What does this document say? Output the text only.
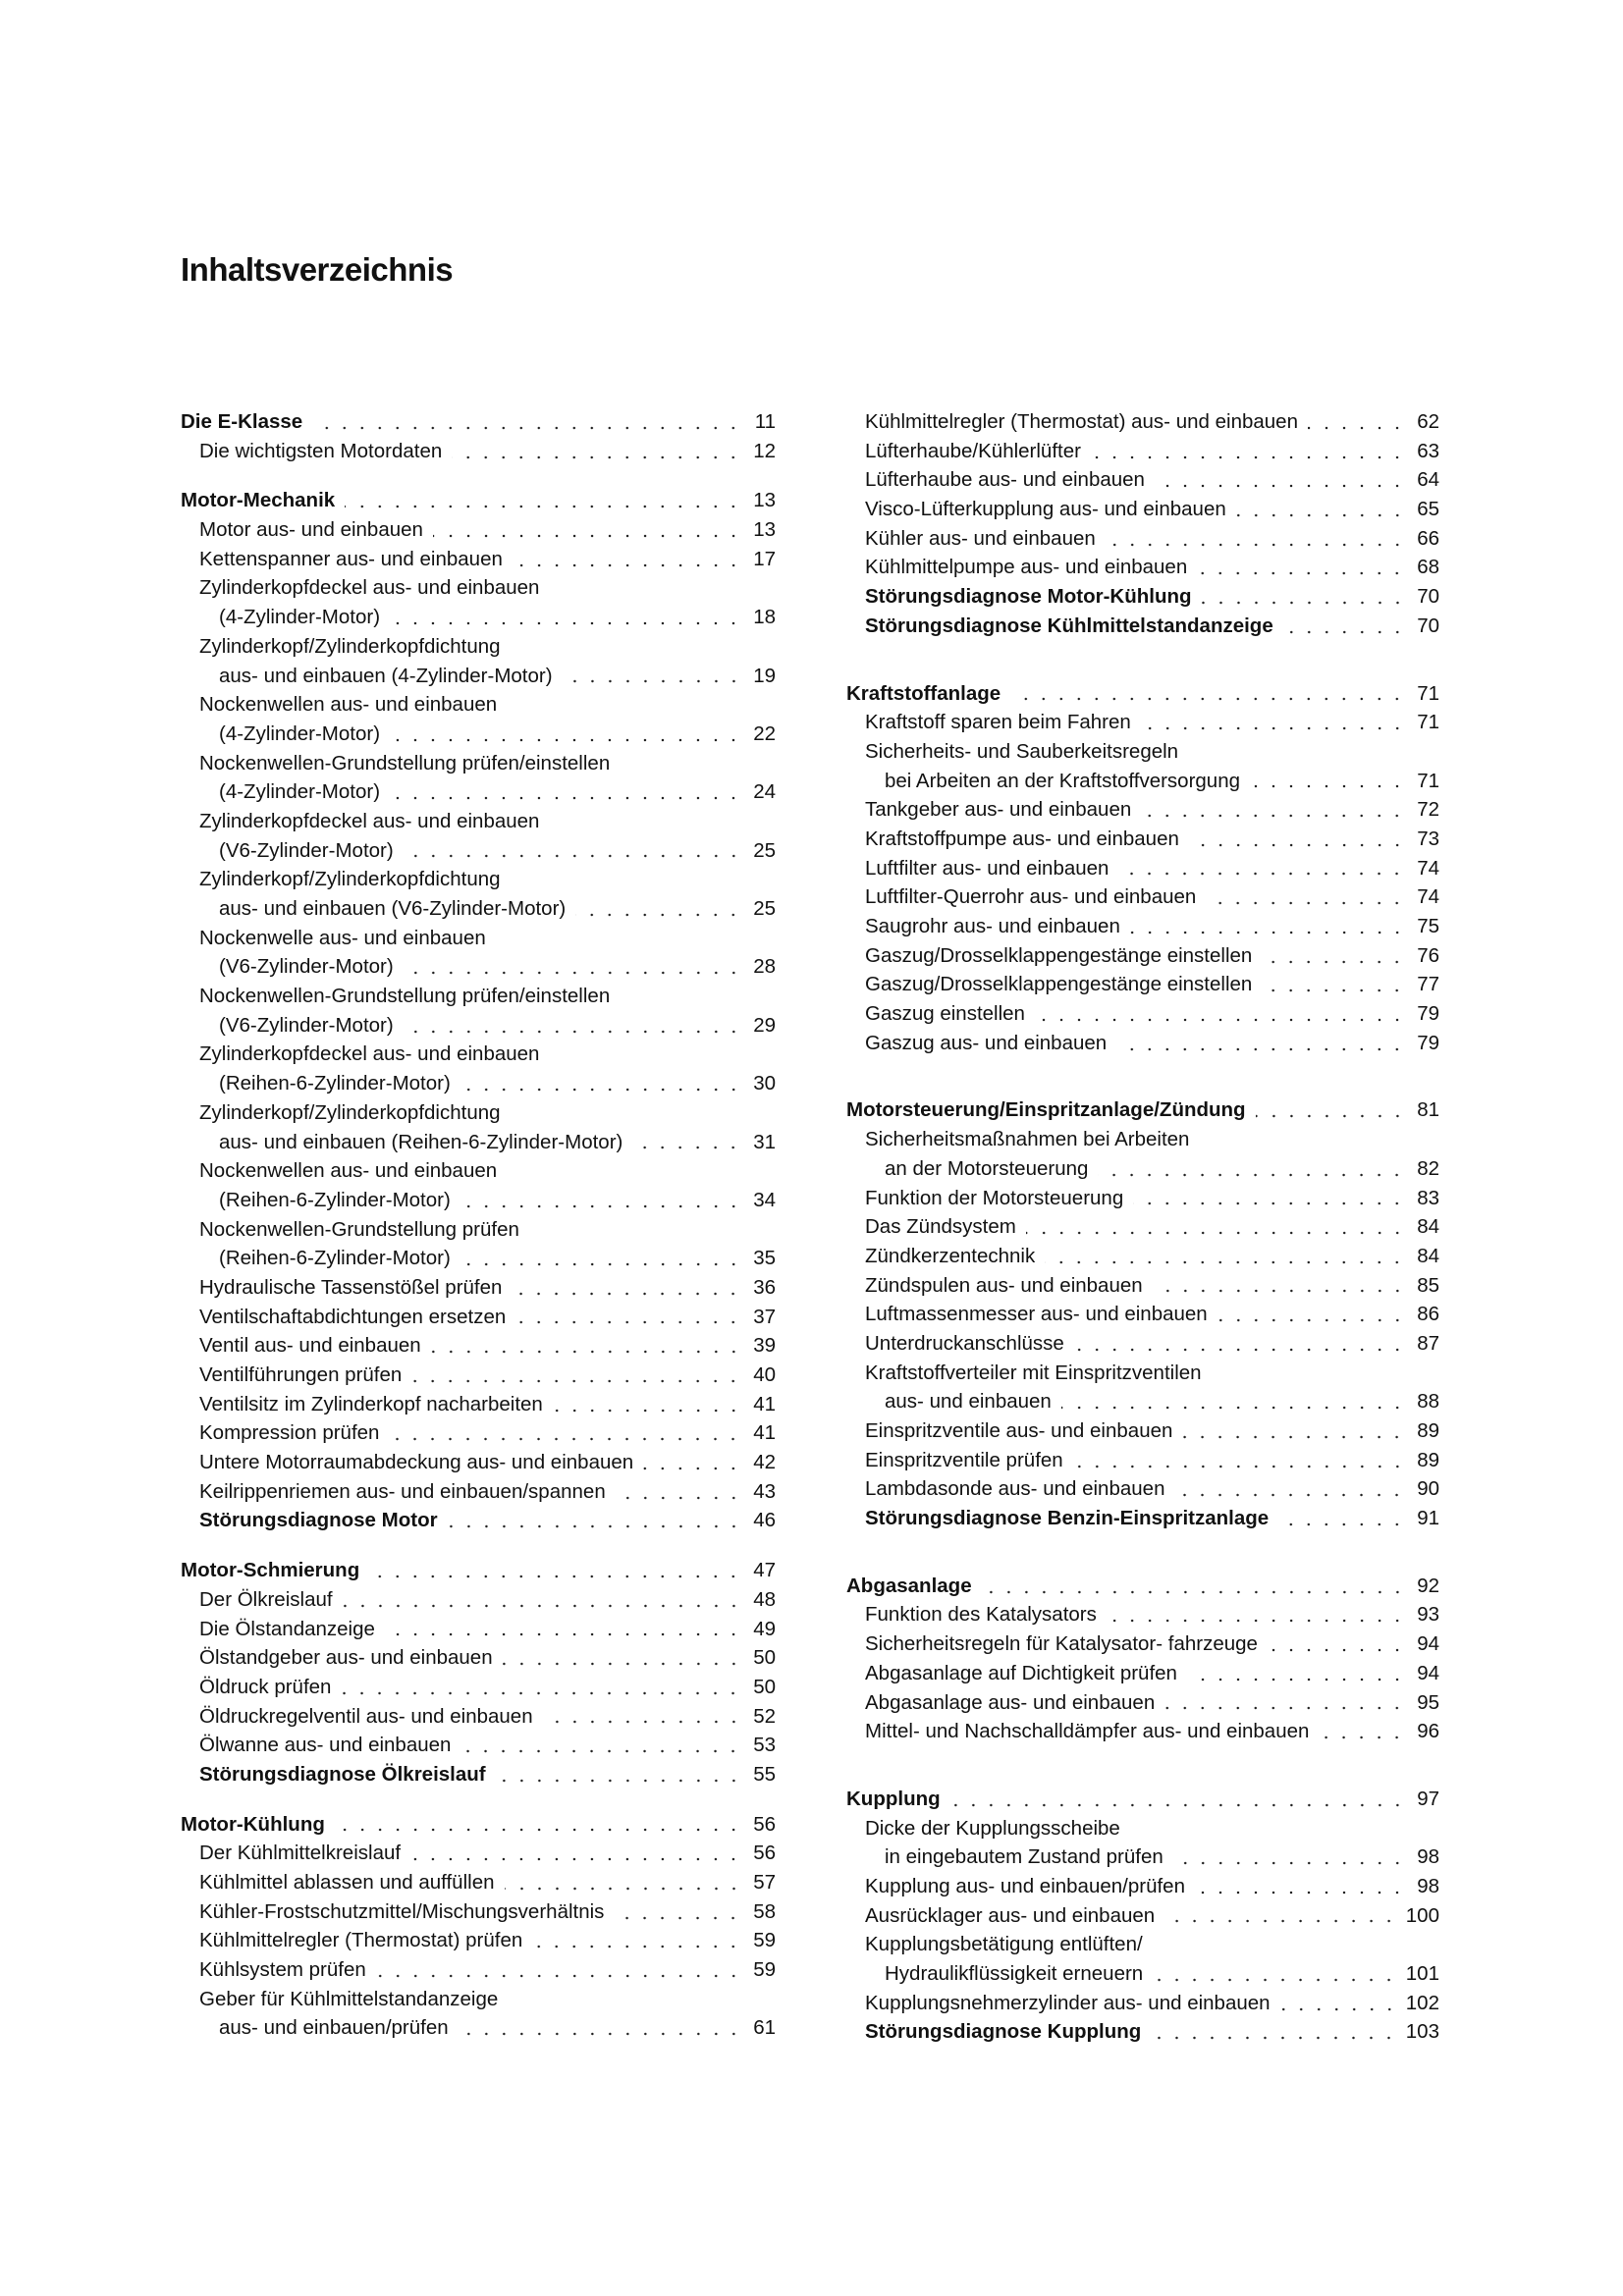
Inhaltsverzeichnis
Die E-Klasse	11
Die wichtigsten Motordaten	12
Motor-Mechanik	13
Motor aus- und einbauen	13
Kettenspanner aus- und einbauen	17
Zylinderkopfdeckel aus- und einbauen
(4-Zylinder-Motor)	18
Zylinderkopf/Zylinderkopfdichtung
aus- und einbauen (4-Zylinder-Motor)	19
Nockenwellen aus- und einbauen
(4-Zylinder-Motor)	22
Nockenwellen-Grundstellung prüfen/einstellen
(4-Zylinder-Motor)	24
Zylinderkopfdeckel aus- und einbauen
(V6-Zylinder-Motor)	25
Zylinderkopf/Zylinderkopfdichtung
aus- und einbauen (V6-Zylinder-Motor)	25
Nockenwelle aus- und einbauen
(V6-Zylinder-Motor)	28
Nockenwellen-Grundstellung prüfen/einstellen
(V6-Zylinder-Motor)	29
Zylinderkopfdeckel aus- und einbauen
(Reihen-6-Zylinder-Motor)	30
Zylinderkopf/Zylinderkopfdichtung
aus- und einbauen (Reihen-6-Zylinder-Motor)	31
Nockenwellen aus- und einbauen
(Reihen-6-Zylinder-Motor)	34
Nockenwellen-Grundstellung prüfen
(Reihen-6-Zylinder-Motor)	35
Hydraulische Tassenstößel prüfen	36
Ventilschaftabdichtungen ersetzen	37
Ventil aus- und einbauen	39
Ventilführungen prüfen	40
Ventilsitz im Zylinderkopf nacharbeiten	41
Kompression prüfen	41
Untere Motorraumabdeckung aus- und einbauen	42
Keilrippenriemen aus- und einbauen/spannen	43
Störungsdiagnose Motor	46
Motor-Schmierung	47
Der Ölkreislauf	48
Die Ölstandanzeige	49
Ölstandgeber aus- und einbauen	50
Öldruck prüfen	50
Öldruckregelventil aus- und einbauen	52
Ölwanne aus- und einbauen	53
Störungsdiagnose Ölkreislauf	55
Motor-Kühlung	56
Der Kühlmittelkreislauf	56
Kühlmittel ablassen und auffüllen	57
Kühler-Frostschutzmittel/Mischungsverhältnis	58
Kühlmittelregler (Thermostat) prüfen	59
Kühlsystem prüfen	59
Geber für Kühlmittelstandanzeige
aus- und einbauen/prüfen	61
Kühlmittelregler (Thermostat) aus- und einbauen	62
Lüfterhaube/Kühlerlüfter	63
Lüfterhaube aus- und einbauen	64
Visco-Lüfterkupplung aus- und einbauen	65
Kühler aus- und einbauen	66
Kühlmittelpumpe aus- und einbauen	68
Störungsdiagnose Motor-Kühlung	70
Störungsdiagnose Kühlmittelstandanzeige	70
Kraftstoffanlage	71
Kraftstoff sparen beim Fahren	71
Sicherheits- und Sauberkeitsregeln
bei Arbeiten an der Kraftstoffversorgung	71
Tankgeber aus- und einbauen	72
Kraftstoffpumpe aus- und einbauen	73
Luftfilter aus- und einbauen	74
Luftfilter-Querrohr aus- und einbauen	74
Saugrohr aus- und einbauen	75
Gaszug/Drosselklappengestänge einstellen	76
Gaszug/Drosselklappengestänge einstellen	77
Gaszug einstellen	79
Gaszug aus- und einbauen	79
Motorsteuerung/Einspritzanlage/Zündung	81
Sicherheitsmaßnahmen bei Arbeiten
an der Motorsteuerung	82
Funktion der Motorsteuerung	83
Das Zündsystem	84
Zündkerzentechnik	84
Zündspulen aus- und einbauen	85
Luftmassenmesser aus- und einbauen	86
Unterdruckanschlüsse	87
Kraftstoffverteiler mit Einspritzventilen
aus- und einbauen	88
Einspritzventile aus- und einbauen	89
Einspritzventile prüfen	89
Lambdasonde aus- und einbauen	90
Störungsdiagnose Benzin-Einspritzanlage	91
Abgasanlage	92
Funktion des Katalysators	93
Sicherheitsregeln für Katalysator- fahrzeuge	94
Abgasanlage auf Dichtigkeit prüfen	94
Abgasanlage aus- und einbauen	95
Mittel- und Nachschalldämpfer aus- und einbauen	96
Kupplung	97
Dicke der Kupplungsscheibe
in eingebautem Zustand prüfen	98
Kupplung aus- und einbauen/prüfen	98
Ausrücklager aus- und einbauen	100
Kupplungsbetätigung entlüften/
Hydraulikflüssigkeit erneuern	101
Kupplungsnehmerzylinder aus- und einbauen	102
Störungsdiagnose Kupplung	103
